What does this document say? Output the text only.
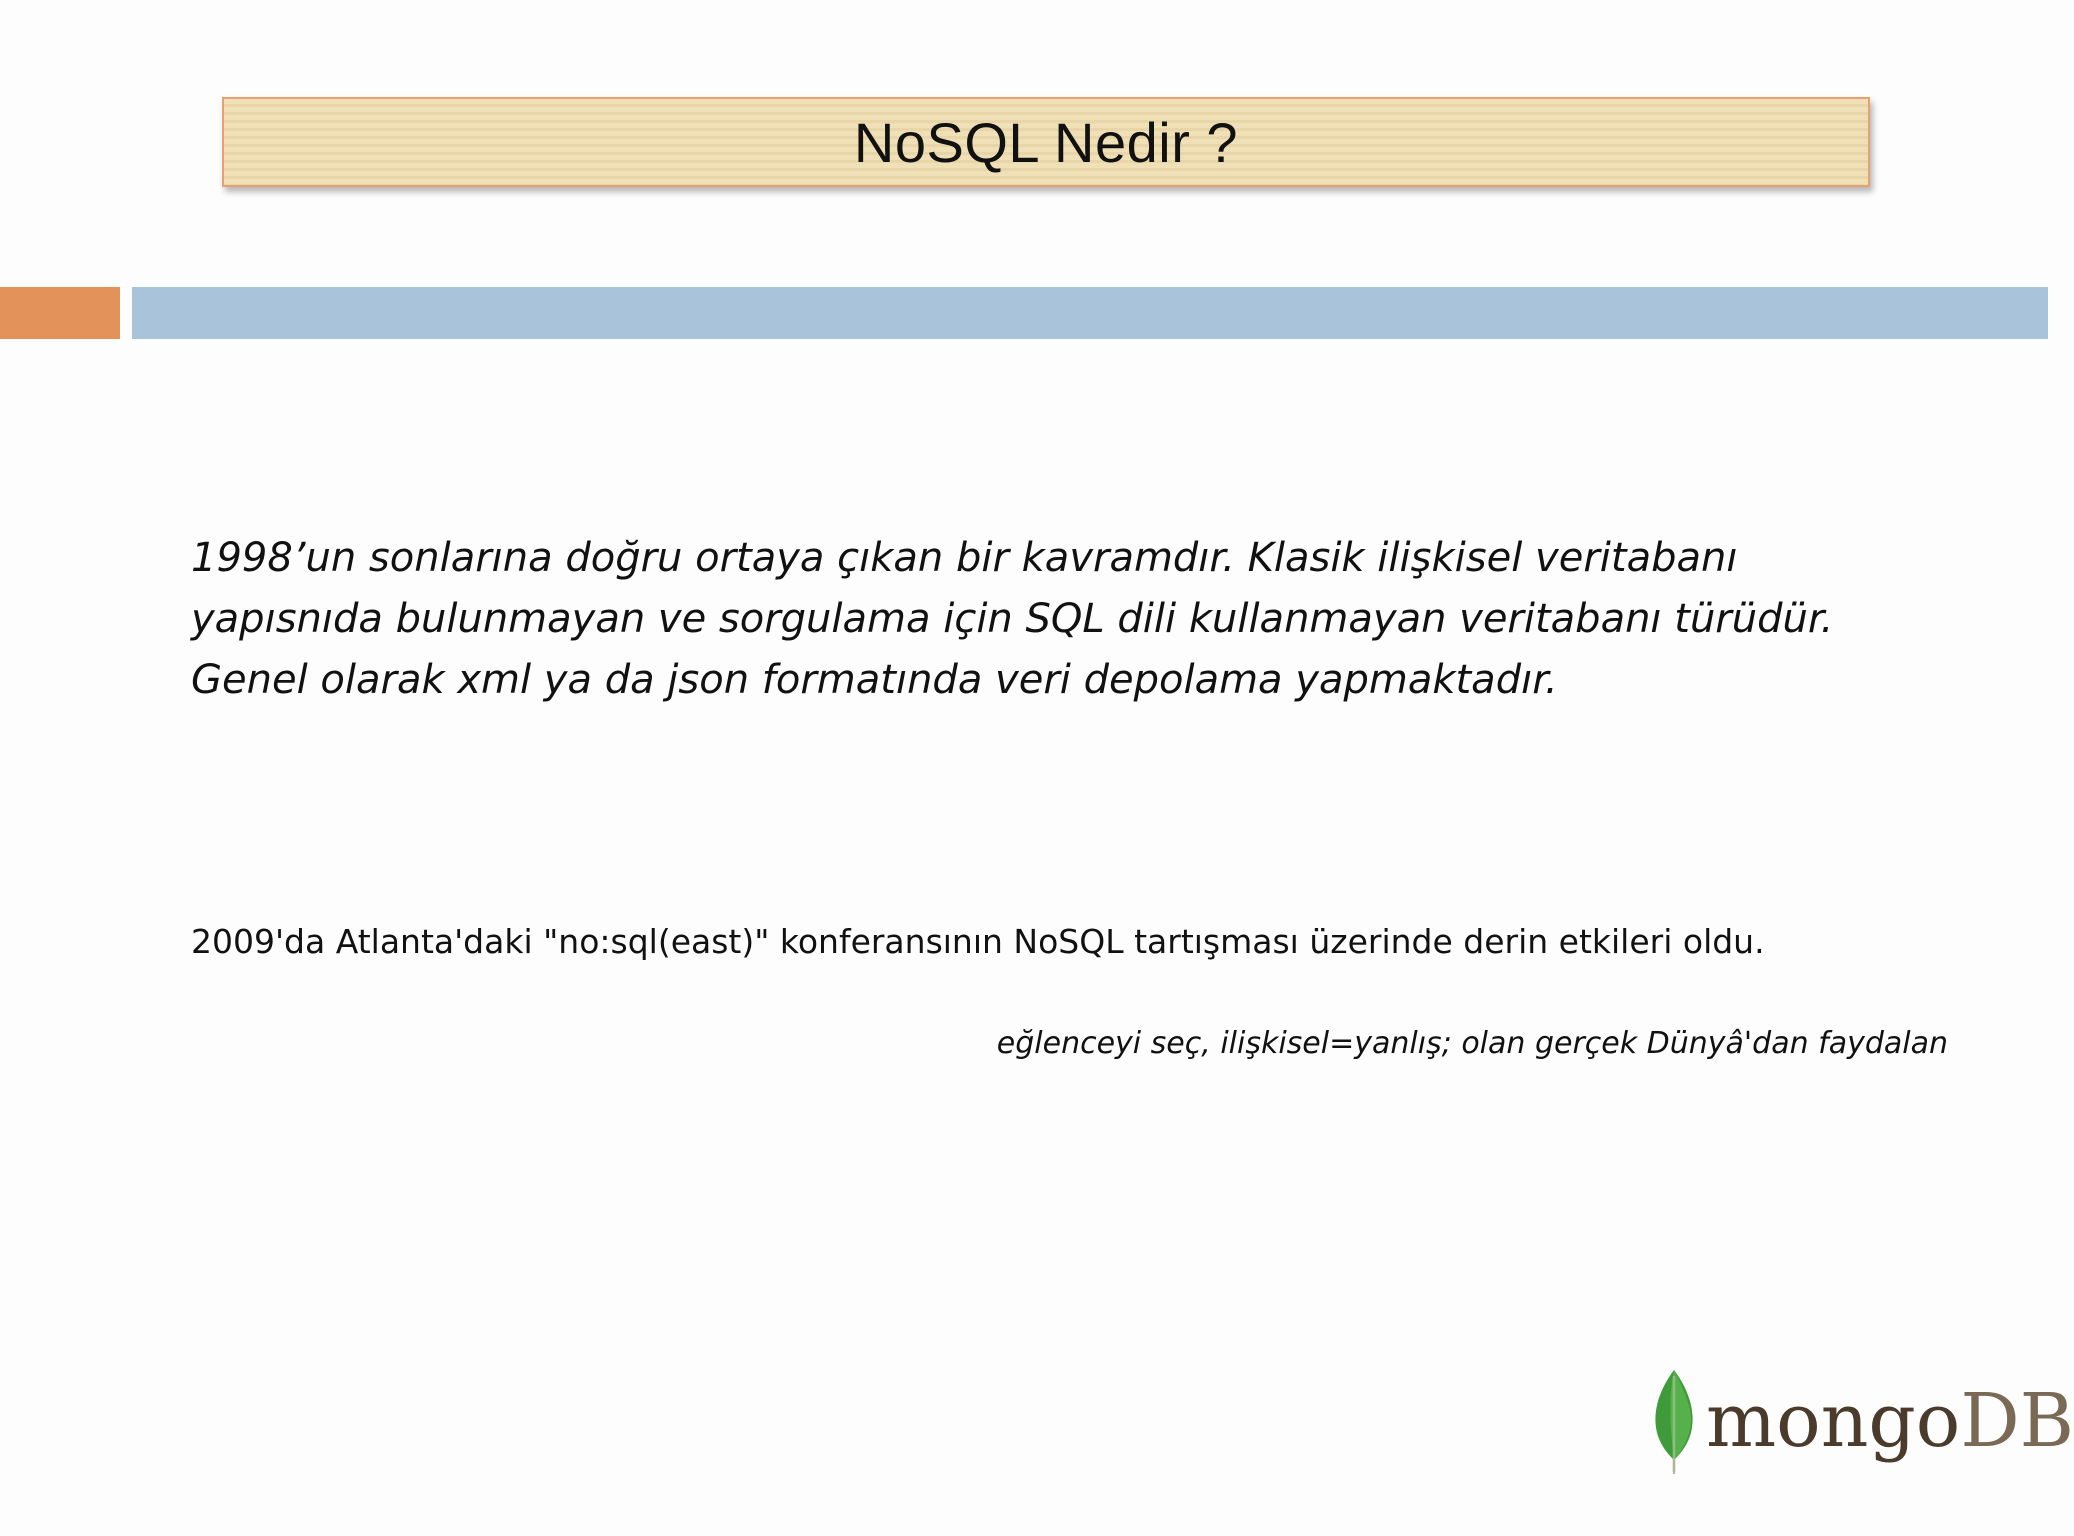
NoSQL Nedir ?
1998’un sonlarına doğru ortaya çıkan bir kavramdır. Klasik ilişkisel veritabanı
yapısnıda bulunmayan ve sorgulama için SQL dili kullanmayan veritabanı türüdür.
Genel olarak xml ya da json formatında veri depolama yapmaktadır.
2009'da Atlanta'daki "no:sql(east)" konferansının NoSQL tartışması üzerinde derin etkileri oldu.
eğlenceyi seç, ilişkisel=yanlış; olan gerçek Dünyâ'dan faydalan
mongoDB
